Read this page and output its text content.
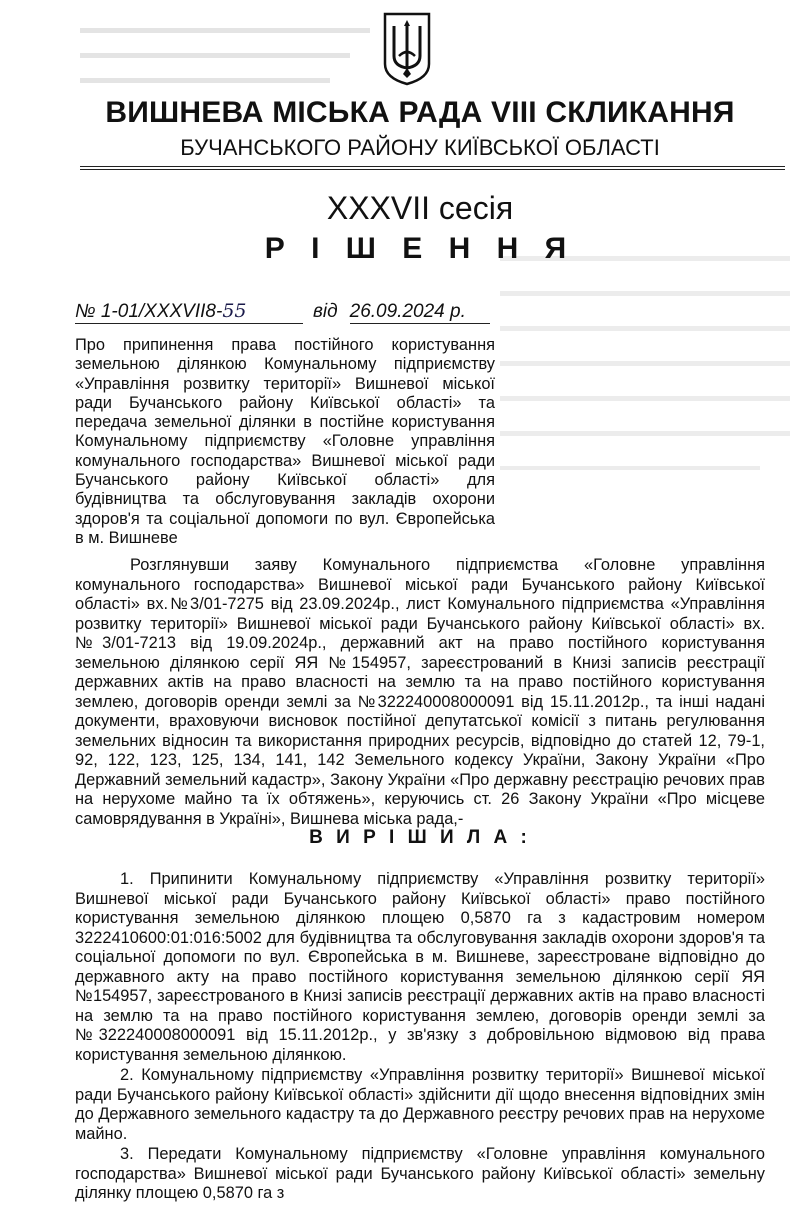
ВИШНЕВА МІСЬКА РАДА VIII СКЛИКАННЯ
БУЧАНСЬКОГО РАЙОНУ КИЇВСЬКОЇ ОБЛАСТІ
XXXVII сесія
Р І Ш Е Н Н Я
№ 1-01/XXXVII8-55	від 26.09.2024 р.
Про припинення права постійного користування земельною ділянкою Комунальному підприємству «Управління розвитку території» Вишневої міської ради Бучанського району Київської області» та передача земельної ділянки в постійне користування Комунальному підприємству «Головне управління комунального господарства» Вишневої міської ради Бучанського району Київської області» для будівництва та обслуговування закладів охорони здоров'я та соціальної допомоги по вул. Європейська в м. Вишневе
Розглянувши заяву Комунального підприємства «Головне управління комунального господарства» Вишневої міської ради Бучанського району Київської області» вх.№3/01-7275 від 23.09.2024р., лист Комунального підприємства «Управління розвитку території» Вишневої міської ради Бучанського району Київської області» вх.№3/01-7213 від 19.09.2024р., державний акт на право постійного користування земельною ділянкою серії ЯЯ №154957, зареєстрований в Книзі записів реєстрації державних актів на право власності на землю та на право постійного користування землею, договорів оренди землі за №322240008000091 від 15.11.2012р., та інші надані документи, враховуючи висновок постійної депутатської комісії з питань регулювання земельних відносин та використання природних ресурсів, відповідно до статей 12, 79-1, 92, 122, 123, 125, 134, 141, 142 Земельного кодексу України, Закону України «Про Державний земельний кадастр», Закону України «Про державну реєстрацію речових прав на нерухоме майно та їх обтяжень», керуючись ст. 26 Закону України «Про місцеве самоврядування в Україні», Вишнева міська рада,-
В И Р І Ш И Л А :

1. Припинити Комунальному підприємству «Управління розвитку території» Вишневої міської ради Бучанського району Київської області» право постійного користування земельною ділянкою площею 0,5870 га з кадастровим номером 3222410600:01:016:5002 для будівництва та обслуговування закладів охорони здоров'я та соціальної допомоги по вул. Європейська в м. Вишневе, зареєстроване відповідно до державного акту на право постійного користування земельною ділянкою серії ЯЯ №154957, зареєстрованого в Книзі записів реєстрації державних актів на право власності на землю та на право постійного користування землею, договорів оренди землі за №322240008000091 від 15.11.2012р., у зв'язку з добровільною відмовою від права користування земельною ділянкою.

2. Комунальному підприємству «Управління розвитку території» Вишневої міської ради Бучанського району Київської області» здійснити дії щодо внесення відповідних змін до Державного земельного кадастру та до Державного реєстру речових прав на нерухоме майно.

3. Передати Комунальному підприємству «Головне управління комунального господарства» Вишневої міської ради Бучанського району Київської області» земельну ділянку площею 0,5870 га з
